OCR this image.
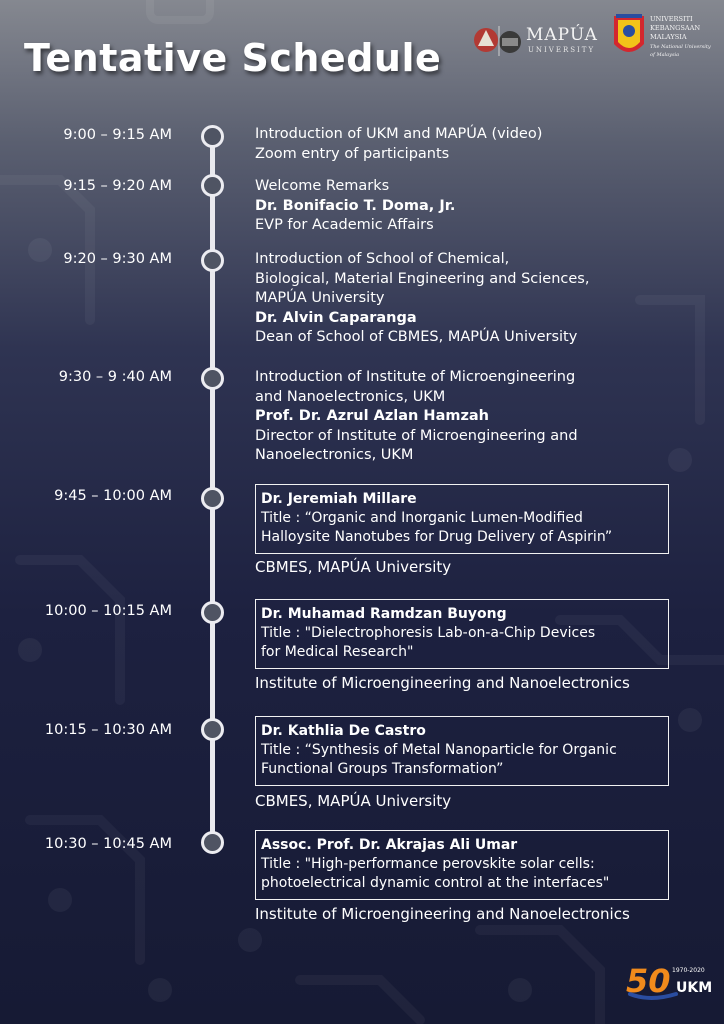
Tentative Schedule
MAPÚA
UNIVERSITY
UNIVERSITI
KEBANGSAAN
MALAYSIA
The National University
of Malaysia
9:00 – 9:15 AM	Introduction of UKM and MAPÚA (video)
Zoom entry of participants
9:15 – 9:20 AM	Welcome Remarks
Dr. Bonifacio T. Doma, Jr.
EVP for Academic Affairs
9:20 – 9:30 AM	Introduction of School of Chemical,
Biological, Material Engineering and Sciences,
MAPÚA University
Dr. Alvin Caparanga
Dean of School of CBMES, MAPÚA University
9:30 – 9 :40 AM	Introduction of Institute of Microengineering
and Nanoelectronics, UKM
Prof. Dr. Azrul Azlan Hamzah
Director of Institute of Microengineering and
Nanoelectronics, UKM
9:45 – 10:00 AM	Dr. Jeremiah Millare
Title : “Organic and Inorganic Lumen-Modified
Halloysite Nanotubes for Drug Delivery of Aspirin”
CBMES, MAPÚA University
10:00 – 10:15 AM	Dr. Muhamad Ramdzan Buyong
Title : "Dielectrophoresis Lab-on-a-Chip Devices
for Medical Research"
Institute of Microengineering and Nanoelectronics
10:15 – 10:30 AM	Dr. Kathlia De Castro
Title : “Synthesis of Metal Nanoparticle for Organic
Functional Groups Transformation”
CBMES, MAPÚA University
10:30 – 10:45 AM	Assoc. Prof. Dr. Akrajas Ali Umar
Title : "High-performance perovskite solar cells:
photoelectrical dynamic control at the interfaces"
Institute of Microengineering and Nanoelectronics
50 1970-2020
UKM
